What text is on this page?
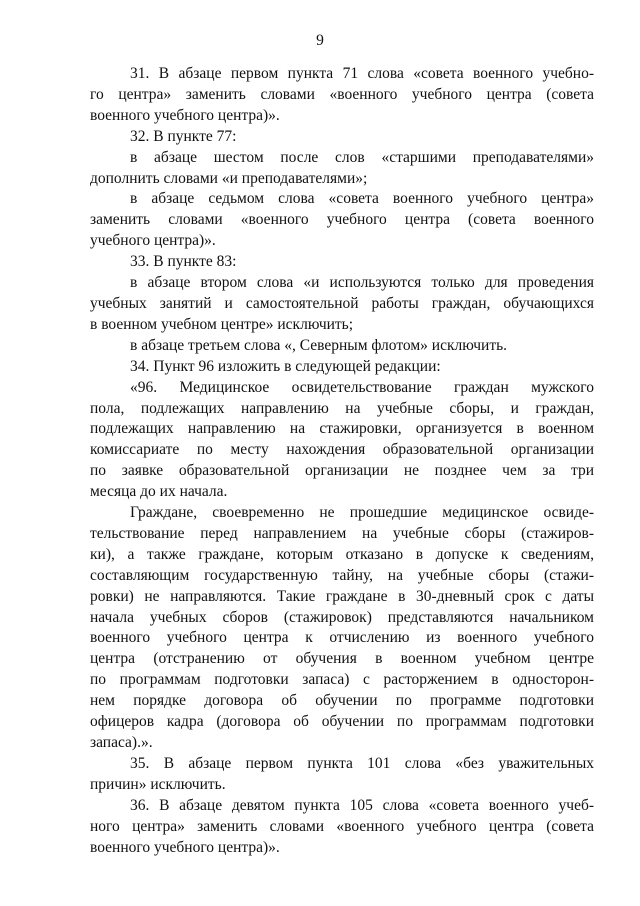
9
31. В абзаце первом пункта 71 слова «совета военного учебно-
го центра» заменить словами «военного учебного центра (совета
военного учебного центра)».
32. В пункте 77:
в абзаце шестом после слов «старшими преподавателями»
дополнить словами «и преподавателями»;
в абзаце седьмом слова «совета военного учебного центра»
заменить словами «военного учебного центра (совета военного
учебного центра)».
33. В пункте 83:
в абзаце втором слова «и используются только для проведения
учебных занятий и самостоятельной работы граждан, обучающихся
в военном учебном центре» исключить;
в абзаце третьем слова «, Северным флотом» исключить.
34. Пункт 96 изложить в следующей редакции:
«96. Медицинское освидетельствование граждан мужского
пола, подлежащих направлению на учебные сборы, и граждан,
подлежащих направлению на стажировки, организуется в военном
комиссариате по месту нахождения образовательной организации
по заявке образовательной организации не позднее чем за три
месяца до их начала.
Граждане, своевременно не прошедшие медицинское освиде-
тельствование перед направлением на учебные сборы (стажиров-
ки), а также граждане, которым отказано в допуске к сведениям,
составляющим государственную тайну, на учебные сборы (стажи-
ровки) не направляются. Такие граждане в 30-дневный срок с даты
начала учебных сборов (стажировок) представляются начальником
военного учебного центра к отчислению из военного учебного
центра (отстранению от обучения в военном учебном центре
по программам подготовки запаса) с расторжением в односторон-
нем порядке договора об обучении по программе подготовки
офицеров кадра (договора об обучении по программам подготовки
запаса).».
35. В абзаце первом пункта 101 слова «без уважительных
причин» исключить.
36. В абзаце девятом пункта 105 слова «совета военного учеб-
ного центра» заменить словами «военного учебного центра (совета
военного учебного центра)».
